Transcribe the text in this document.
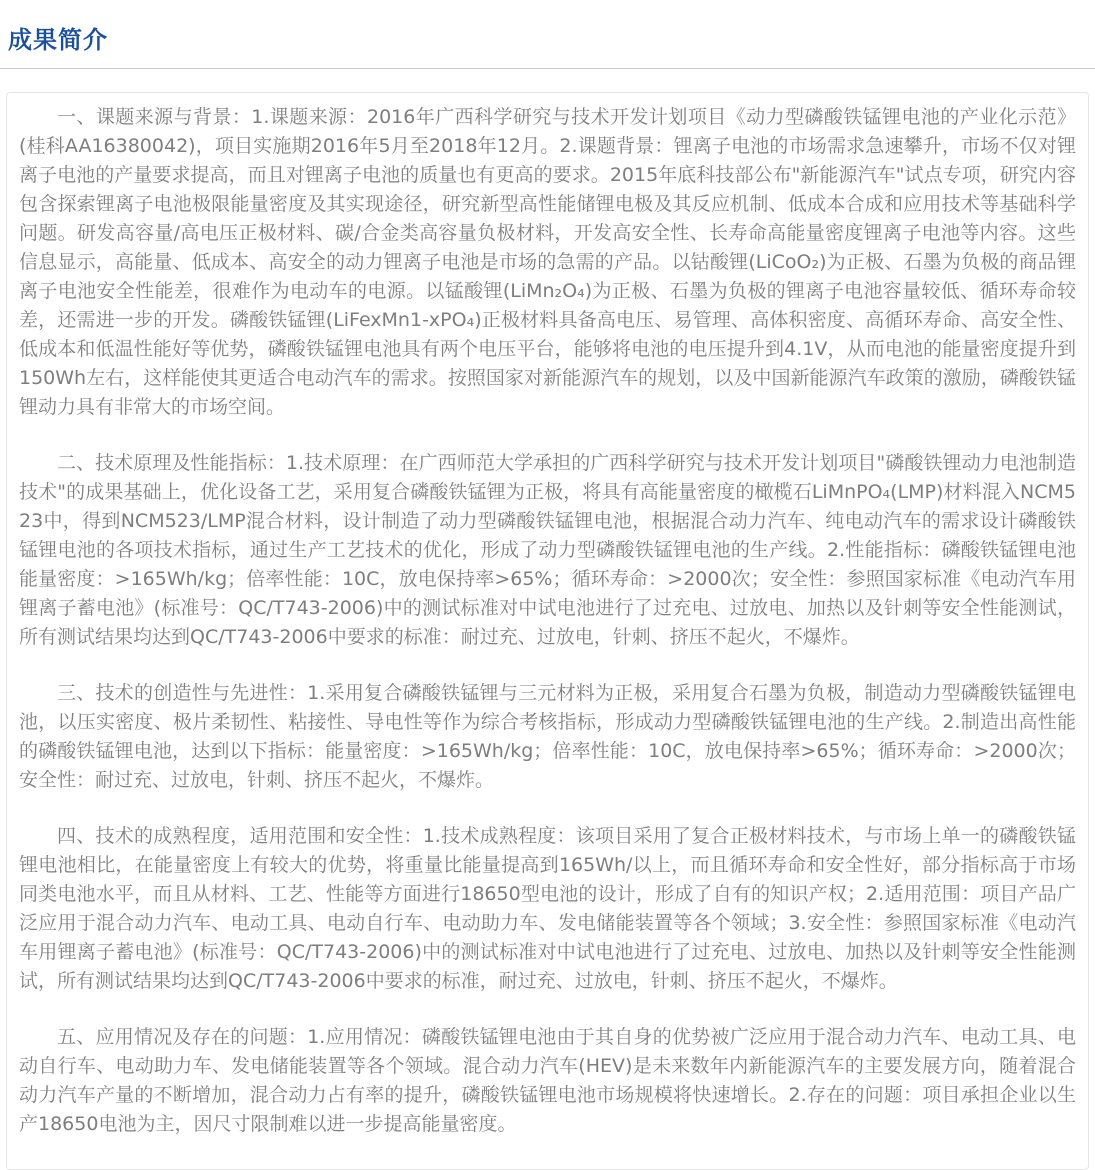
成果简介

一、课题来源与背景：1.课题来源：2016年广西科学研究与技术开发计划项目《动力型磷酸铁锰锂电池的产业化示范》(桂科AA16380042)，项目实施期2016年5月至2018年12月。2.课题背景：锂离子电池的市场需求急速攀升，市场不仅对锂离子电池的产量要求提高，而且对锂离子电池的质量也有更高的要求。2015年底科技部公布"新能源汽车"试点专项，研究内容包含探索锂离子电池极限能量密度及其实现途径，研究新型高性能储锂电极及其反应机制、低成本合成和应用技术等基础科学问题。研发高容量/高电压正极材料、碳/合金类高容量负极材料，开发高安全性、长寿命高能量密度锂离子电池等内容。这些信息显示，高能量、低成本、高安全的动力锂离子电池是市场的急需的产品。以钴酸锂(LiCoO₂)为正极、石墨为负极的商品锂离子电池安全性能差，很难作为电动车的电源。以锰酸锂(LiMn₂O₄)为正极、石墨为负极的锂离子电池容量较低、循环寿命较差，还需进一步的开发。磷酸铁锰锂(LiFexMn1-xPO₄)正极材料具备高电压、易管理、高体积密度、高循环寿命、高安全性、低成本和低温性能好等优势，磷酸铁锰锂电池具有两个电压平台，能够将电池的电压提升到4.1V，从而电池的能量密度提升到150Wh左右，这样能使其更适合电动汽车的需求。按照国家对新能源汽车的规划，以及中国新能源汽车政策的激励，磷酸铁锰锂动力具有非常大的市场空间。

二、技术原理及性能指标：1.技术原理：在广西师范大学承担的广西科学研究与技术开发计划项目"磷酸铁锂动力电池制造技术"的成果基础上，优化设备工艺，采用复合磷酸铁锰锂为正极，将具有高能量密度的橄榄石LiMnPO₄(LMP)材料混入NCM523中，得到NCM523/LMP混合材料，设计制造了动力型磷酸铁锰锂电池，根据混合动力汽车、纯电动汽车的需求设计磷酸铁锰锂电池的各项技术指标，通过生产工艺技术的优化，形成了动力型磷酸铁锰锂电池的生产线。2.性能指标：磷酸铁锰锂电池能量密度：>165Wh/kg；倍率性能：10C，放电保持率>65%；循环寿命：>2000次；安全性：参照国家标准《电动汽车用锂离子蓄电池》(标准号：QC/T743-2006)中的测试标准对中试电池进行了过充电、过放电、加热以及针刺等安全性能测试，所有测试结果均达到QC/T743-2006中要求的标准：耐过充、过放电，针刺、挤压不起火，不爆炸。

三、技术的创造性与先进性：1.采用复合磷酸铁锰锂与三元材料为正极，采用复合石墨为负极，制造动力型磷酸铁锰锂电池，以压实密度、极片柔韧性、粘接性、导电性等作为综合考核指标，形成动力型磷酸铁锰锂电池的生产线。2.制造出高性能的磷酸铁锰锂电池，达到以下指标：能量密度：>165Wh/kg；倍率性能：10C，放电保持率>65%；循环寿命：>2000次；安全性：耐过充、过放电，针刺、挤压不起火，不爆炸。

四、技术的成熟程度，适用范围和安全性：1.技术成熟程度：该项目采用了复合正极材料技术，与市场上单一的磷酸铁锰锂电池相比，在能量密度上有较大的优势，将重量比能量提高到165Wh/以上，而且循环寿命和安全性好，部分指标高于市场同类电池水平，而且从材料、工艺、性能等方面进行18650型电池的设计，形成了自有的知识产权；2.适用范围：项目产品广泛应用于混合动力汽车、电动工具、电动自行车、电动助力车、发电储能装置等各个领域；3.安全性：参照国家标准《电动汽车用锂离子蓄电池》(标准号：QC/T743-2006)中的测试标准对中试电池进行了过充电、过放电、加热以及针刺等安全性能测试，所有测试结果均达到QC/T743-2006中要求的标准，耐过充、过放电，针刺、挤压不起火，不爆炸。

五、应用情况及存在的问题：1.应用情况：磷酸铁锰锂电池由于其自身的优势被广泛应用于混合动力汽车、电动工具、电动自行车、电动助力车、发电储能装置等各个领域。混合动力汽车(HEV)是未来数年内新能源汽车的主要发展方向，随着混合动力汽车产量的不断增加，混合动力占有率的提升，磷酸铁锰锂电池市场规模将快速增长。2.存在的问题：项目承担企业以生产18650电池为主，因尺寸限制难以进一步提高能量密度。
